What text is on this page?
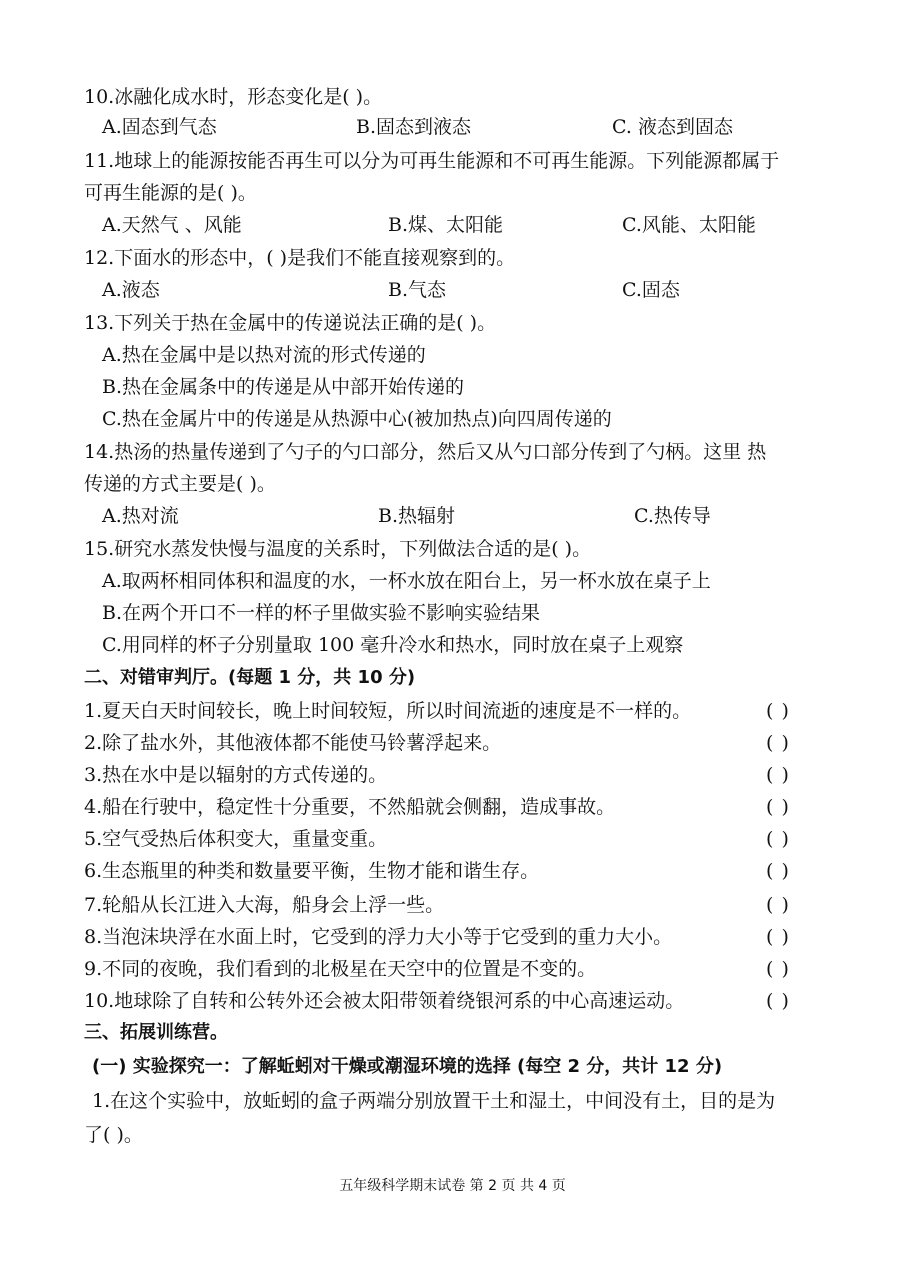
10.冰融化成水时，形态变化是( )。
A.固态到气态	B.固态到液态	C. 液态到固态
11.地球上的能源按能否再生可以分为可再生能源和不可再生能源。下列能源都属于
可再生能源的是( )。
A.天然气 、风能	B.煤、太阳能	C.风能、太阳能
12.下面水的形态中，( )是我们不能直接观察到的。
A.液态	B.气态	C.固态
13.下列关于热在金属中的传递说法正确的是( )。
A.热在金属中是以热对流的形式传递的
B.热在金属条中的传递是从中部开始传递的
C.热在金属片中的传递是从热源中心(被加热点)向四周传递的
14.热汤的热量传递到了勺子的勺口部分，然后又从勺口部分传到了勺柄。这里 热
传递的方式主要是( )。
A.热对流	B.热辐射	C.热传导
15.研究水蒸发快慢与温度的关系时，下列做法合适的是( )。
A.取两杯相同体积和温度的水，一杯水放在阳台上，另一杯水放在桌子上
B.在两个开口不一样的杯子里做实验不影响实验结果
C.用同样的杯子分别量取 100 毫升冷水和热水，同时放在桌子上观察
二、对错审判厅。(每题 1 分，共 10 分)
1.夏天白天时间较长，晚上时间较短，所以时间流逝的速度是不一样的。	( )
2.除了盐水外，其他液体都不能使马铃薯浮起来。	( )
3.热在水中是以辐射的方式传递的。	( )
4.船在行驶中，稳定性十分重要，不然船就会侧翻，造成事故。	( )
5.空气受热后体积变大，重量变重。	( )
6.生态瓶里的种类和数量要平衡，生物才能和谐生存。	( )
7.轮船从长江进入大海，船身会上浮一些。	( )
8.当泡沫块浮在水面上时，它受到的浮力大小等于它受到的重力大小。	( )
9.不同的夜晚，我们看到的北极星在天空中的位置是不变的。	( )
10.地球除了自转和公转外还会被太阳带领着绕银河系的中心高速运动。	( )
三、拓展训练营。
(一) 实验探究一：了解蚯蚓对干燥或潮湿环境的选择 (每空 2 分，共计 12 分)
1.在这个实验中，放蚯蚓的盒子两端分别放置干土和湿土，中间没有土，目的是为
了( )。
五年级科学期末试卷 第 2 页 共 4 页
